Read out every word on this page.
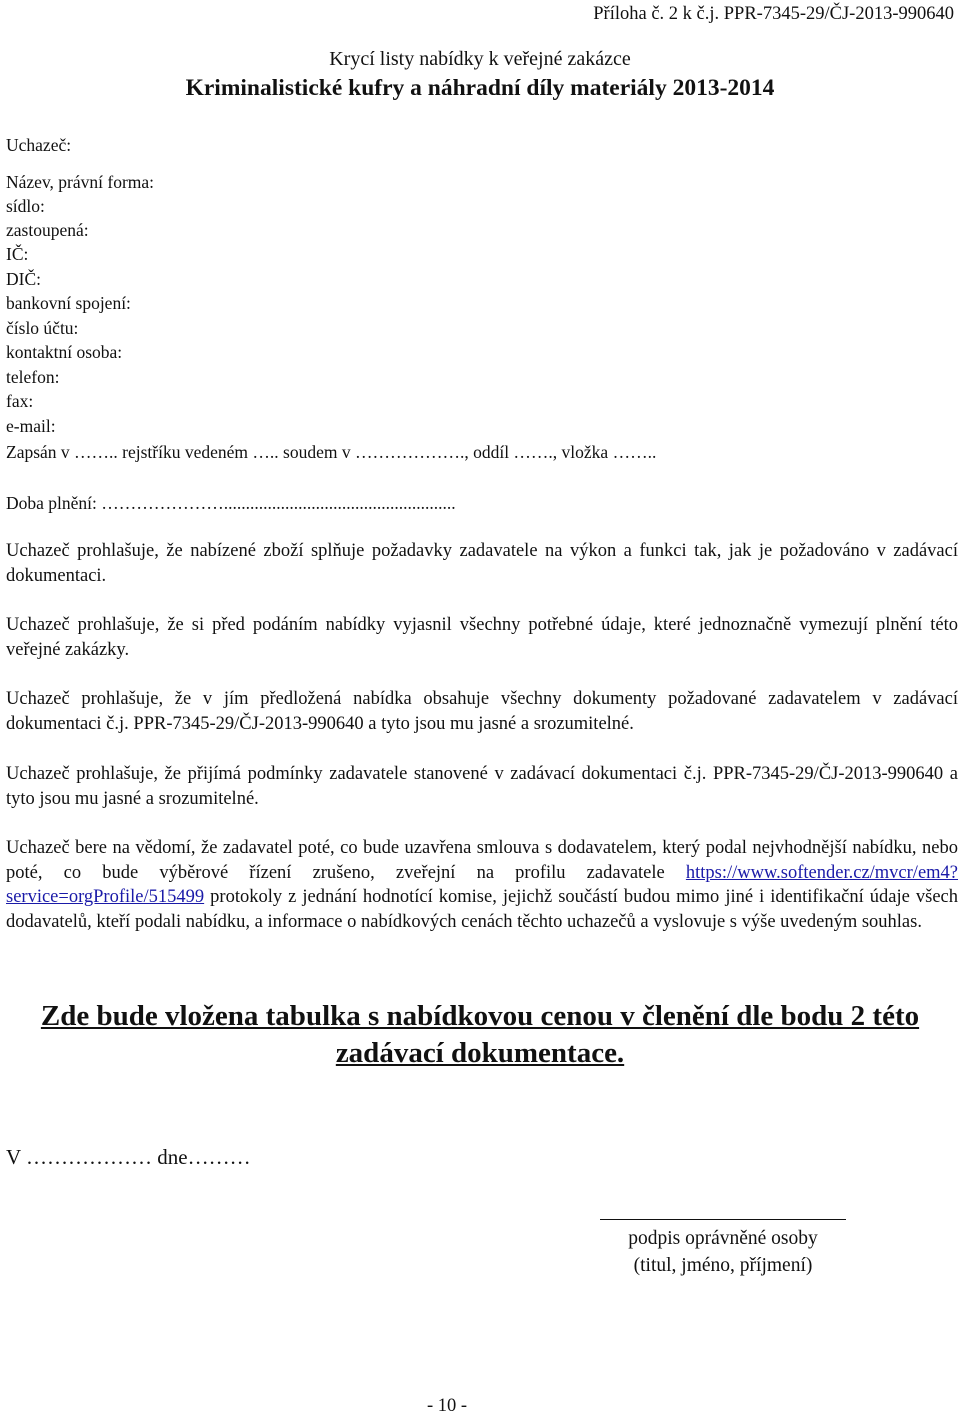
Příloha č. 2 k č.j. PPR-7345-29/ČJ-2013-990640
Krycí listy nabídky k veřejné zakázce
Kriminalistické kufry a náhradní díly materiály 2013-2014
Uchazeč:
Název, právní forma:
sídlo:
zastoupená:
IČ:
DIČ:
bankovní spojení:
číslo účtu:
kontaktní osoba:
telefon:
fax:
e-mail:
Zapsán v …….. rejstříku vedeném ….. soudem v ………………., oddíl ……., vložka ……..
Doba plnění: ………………….....................................................
Uchazeč prohlašuje, že nabízené zboží splňuje požadavky zadavatele na výkon a funkci tak, jak je požadováno v zadávací dokumentaci.
Uchazeč prohlašuje, že si před podáním nabídky vyjasnil všechny potřebné údaje, které jednoznačně vymezují plnění této veřejné zakázky.
Uchazeč prohlašuje, že v jím předložená nabídka obsahuje všechny dokumenty požadované zadavatelem v zadávací dokumentaci č.j. PPR-7345-29/ČJ-2013-990640 a tyto jsou mu jasné a srozumitelné.
Uchazeč prohlašuje, že přijímá podmínky zadavatele stanovené v zadávací dokumentaci č.j. PPR-7345-29/ČJ-2013-990640 a tyto jsou mu jasné a srozumitelné.
Uchazeč bere na vědomí, že zadavatel poté, co bude uzavřena smlouva s dodavatelem, který podal nejvhodnější nabídku, nebo poté, co bude výběrové řízení zrušeno, zveřejní na profilu zadavatele https://www.softender.cz/mvcr/em4?service=orgProfile/515499 protokoly z jednání hodnotící komise, jejichž součástí budou mimo jiné i identifikační údaje všech dodavatelů, kteří podali nabídku, a informace o nabídkových cenách těchto uchazečů a vyslovuje s výše uvedeným souhlas.
Zde bude vložena tabulka s nabídkovou cenou v členění dle bodu 2 této zadávací dokumentace.
V ……………… dne………
podpis oprávněné osoby
(titul, jméno, příjmení)
- 10 -
